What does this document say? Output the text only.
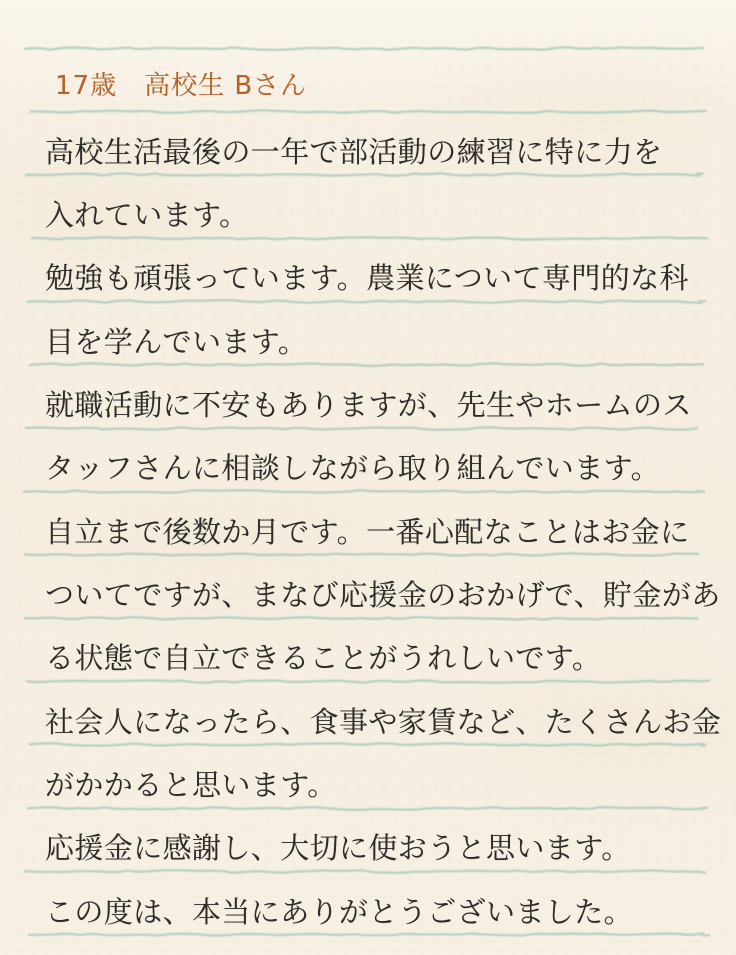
17歳　高校生 Bさん
高校生活最後の一年で部活動の練習に特に力を
入れています。
勉強も頑張っています。農業について専門的な科
目を学んでいます。
就職活動に不安もありますが、先生やホームのス
タッフさんに相談しながら取り組んでいます。
自立まで後数か月です。一番心配なことはお金に
ついてですが、まなび応援金のおかげで、貯金があ
る状態で自立できることがうれしいです。
社会人になったら、食事や家賃など、たくさんお金
がかかると思います。
応援金に感謝し、大切に使おうと思います。
この度は、本当にありがとうございました。
